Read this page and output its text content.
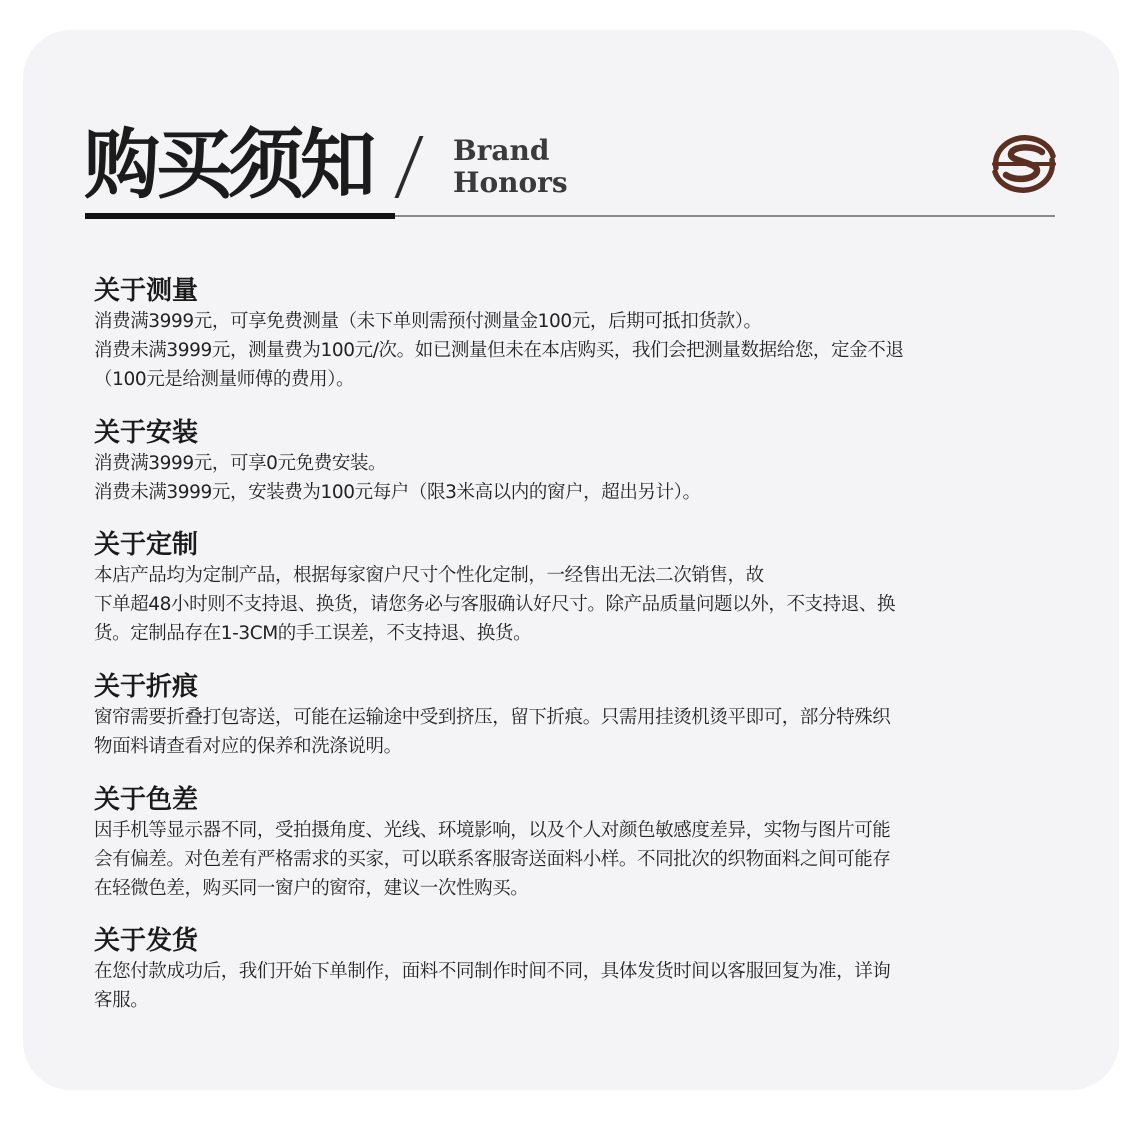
购买须知	Brand
Honors
关于测量

消费满3999元，可享免费测量（未下单则需预付测量金100元，后期可抵扣货款）。

消费未满3999元，测量费为100元/次。如已测量但未在本店购买，我们会把测量数据给您，定金不退

（100元是给测量师傅的费用）。

关于安装

消费满3999元，可享0元免费安装。

消费未满3999元，安装费为100元每户（限3米高以内的窗户，超出另计）。

关于定制

本店产品均为定制产品，根据每家窗户尺寸个性化定制，一经售出无法二次销售，故

下单超48小时则不支持退、换货，请您务必与客服确认好尺寸。除产品质量问题以外，不支持退、换

货。定制品存在1-3CM的手工误差，不支持退、换货。

关于折痕

窗帘需要折叠打包寄送，可能在运输途中受到挤压，留下折痕。只需用挂烫机烫平即可，部分特殊织

物面料请查看对应的保养和洗涤说明。

关于色差

因手机等显示器不同，受拍摄角度、光线、环境影响，以及个人对颜色敏感度差异，实物与图片可能

会有偏差。对色差有严格需求的买家，可以联系客服寄送面料小样。不同批次的织物面料之间可能存

在轻微色差，购买同一窗户的窗帘，建议一次性购买。

关于发货

在您付款成功后，我们开始下单制作，面料不同制作时间不同，具体发货时间以客服回复为准，详询

客服。
